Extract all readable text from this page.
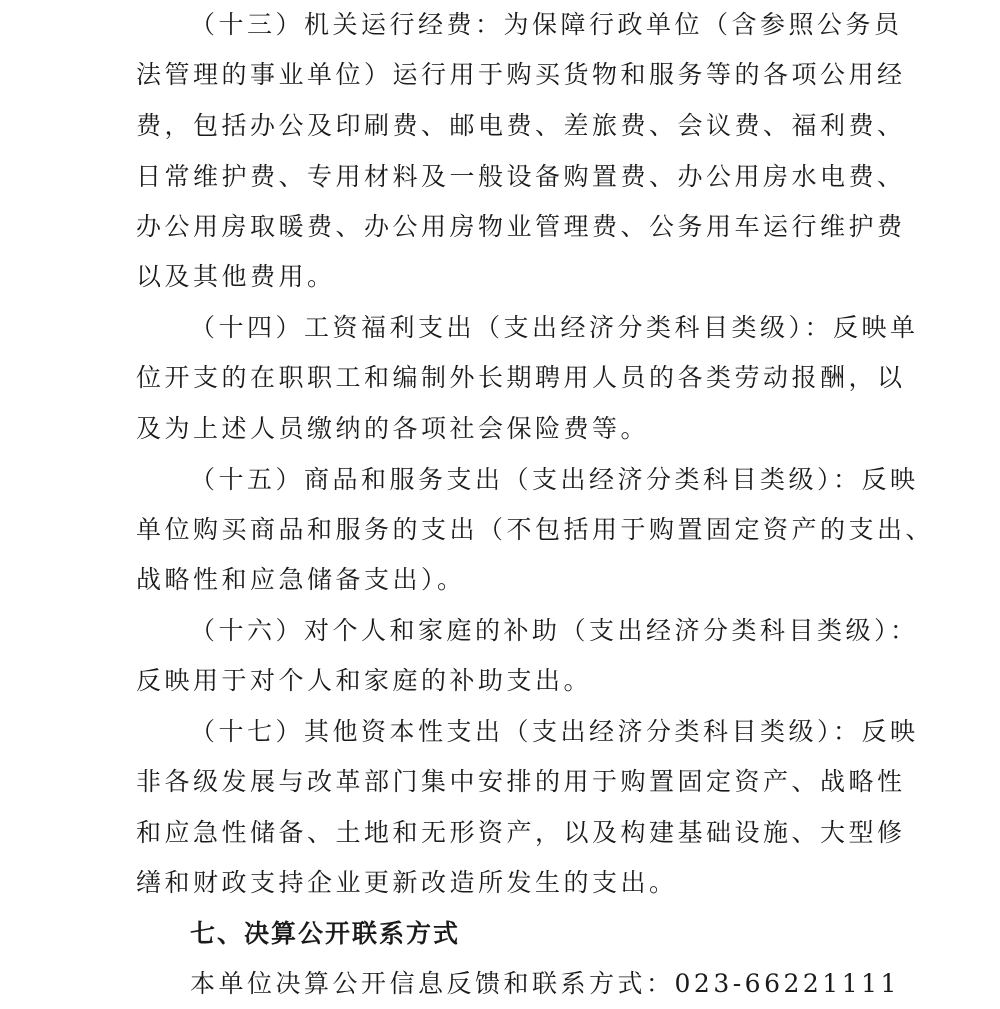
（十三）机关运行经费：为保障行政单位（含参照公务员
法管理的事业单位）运行用于购买货物和服务等的各项公用经
费，包括办公及印刷费、邮电费、差旅费、会议费、福利费、
日常维护费、专用材料及一般设备购置费、办公用房水电费、
办公用房取暖费、办公用房物业管理费、公务用车运行维护费
以及其他费用。
（十四）工资福利支出（支出经济分类科目类级）：反映单
位开支的在职职工和编制外长期聘用人员的各类劳动报酬，以
及为上述人员缴纳的各项社会保险费等。
（十五）商品和服务支出（支出经济分类科目类级）：反映
单位购买商品和服务的支出（不包括用于购置固定资产的支出、
战略性和应急储备支出）。
（十六）对个人和家庭的补助（支出经济分类科目类级）：
反映用于对个人和家庭的补助支出。
（十七）其他资本性支出（支出经济分类科目类级）：反映
非各级发展与改革部门集中安排的用于购置固定资产、战略性
和应急性储备、土地和无形资产，以及构建基础设施、大型修
缮和财政支持企业更新改造所发生的支出。
七、决算公开联系方式
本单位决算公开信息反馈和联系方式：023-66221111
